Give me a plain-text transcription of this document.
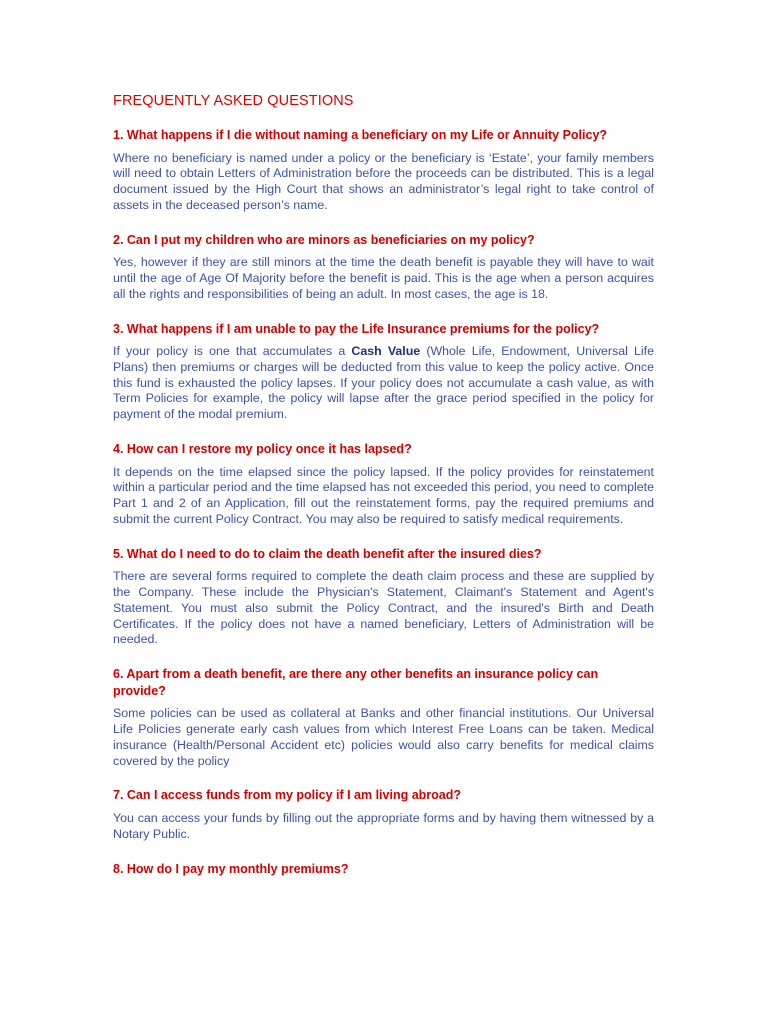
FREQUENTLY ASKED QUESTIONS

1. What happens if I die without naming a beneficiary on my Life or Annuity Policy?

Where no beneficiary is named under a policy or the beneficiary is ‘Estate’, your family members will need to obtain Letters of Administration before the proceeds can be distributed. This is a legal document issued by the High Court that shows an administrator’s legal right to take control of assets in the deceased person’s name.

2. Can I put my children who are minors as beneficiaries on my policy?

Yes, however if they are still minors at the time the death benefit is payable they will have to wait until the age of Age Of Majority before the benefit is paid. This is the age when a person acquires all the rights and responsibilities of being an adult. In most cases, the age is 18.

3. What happens if I am unable to pay the Life Insurance premiums for the policy?

If your policy is one that accumulates a Cash Value (Whole Life, Endowment, Universal Life Plans) then premiums or charges will be deducted from this value to keep the policy active. Once this fund is exhausted the policy lapses. If your policy does not accumulate a cash value, as with Term Policies for example, the policy will lapse after the grace period specified in the policy for payment of the modal premium.

4. How can I restore my policy once it has lapsed?

It depends on the time elapsed since the policy lapsed. If the policy provides for reinstatement within a particular period and the time elapsed has not exceeded this period, you need to complete Part 1 and 2 of an Application, fill out the reinstatement forms, pay the required premiums and submit the current Policy Contract. You may also be required to satisfy medical requirements.

5. What do I need to do to claim the death benefit after the insured dies?

There are several forms required to complete the death claim process and these are supplied by the Company. These include the Physician's Statement, Claimant's Statement and Agent's Statement. You must also submit the Policy Contract, and the insured's Birth and Death Certificates. If the policy does not have a named beneficiary, Letters of Administration will be needed.

6. Apart from a death benefit, are there any other benefits an insurance policy can provide?

Some policies can be used as collateral at Banks and other financial institutions. Our Universal Life Policies generate early cash values from which Interest Free Loans can be taken. Medical insurance (Health/Personal Accident etc) policies would also carry benefits for medical claims covered by the policy

7. Can I access funds from my policy if I am living abroad?

You can access your funds by filling out the appropriate forms and by having them witnessed by a Notary Public.

8. How do I pay my monthly premiums?
